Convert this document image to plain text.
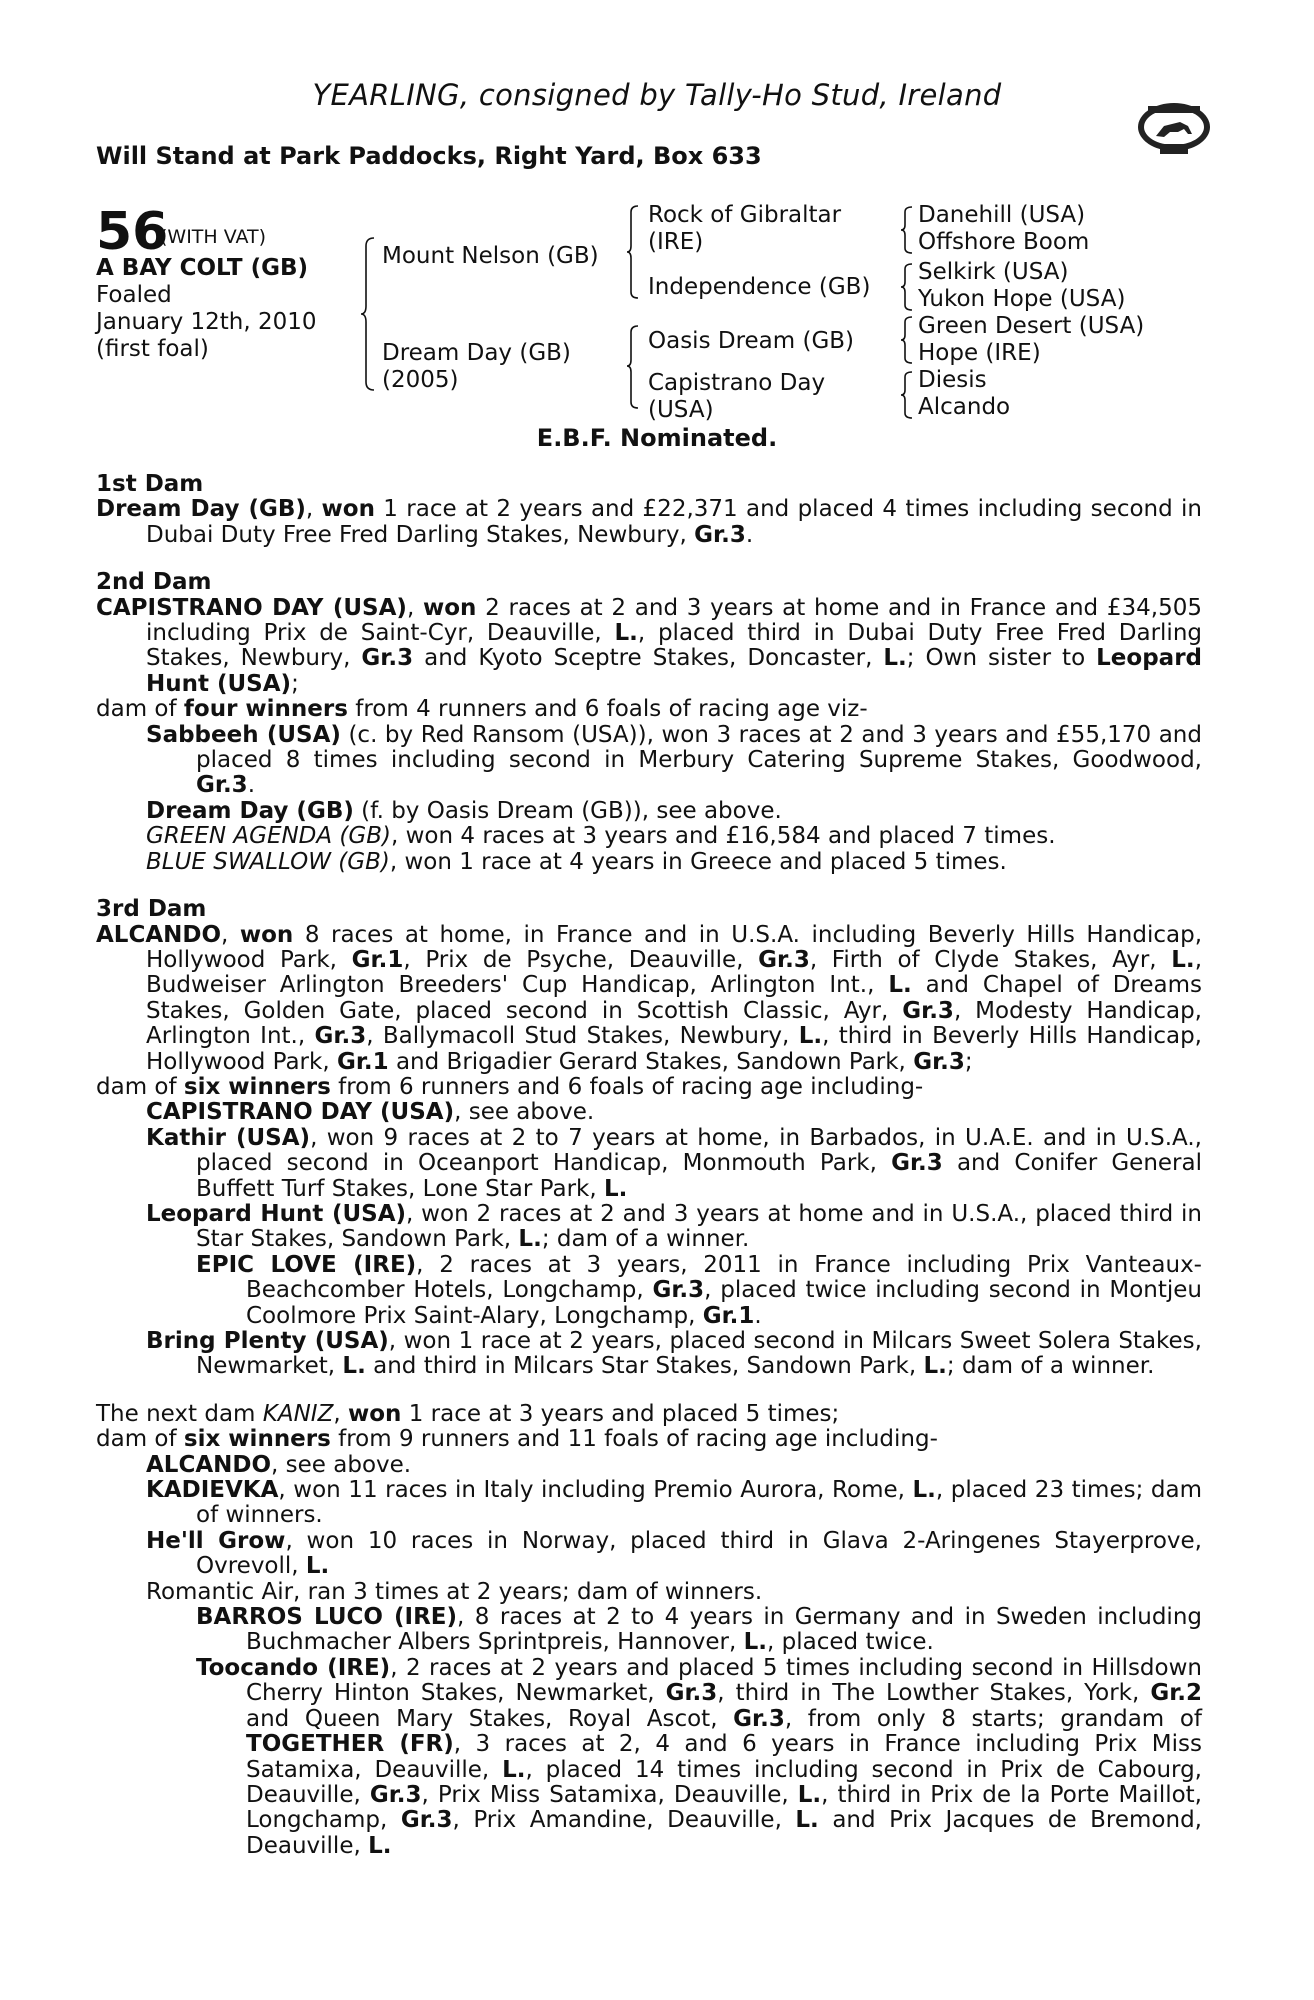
YEARLING, consigned by Tally-Ho Stud, Ireland
Will Stand at Park Paddocks, Right Yard, Box 633
56
(WITH VAT)
A BAY COLT (GB)
Foaled
January 12th, 2010
(first foal)
Mount Nelson (GB)
Dream Day (GB)
(2005)
Rock of Gibraltar
(IRE)
Independence (GB)
Oasis Dream (GB)
Capistrano Day
(USA)
Danehill (USA)
Offshore Boom
Selkirk (USA)
Yukon Hope (USA)
Green Desert (USA)
Hope (IRE)
Diesis
Alcando
E.B.F. Nominated.

1st Dam

Dream Day (GB), won 1 race at 2 years and £22,371 and placed 4 times including second in Dubai Duty Free Fred Darling Stakes, Newbury, Gr.3.

2nd Dam

CAPISTRANO DAY (USA), won 2 races at 2 and 3 years at home and in France and £34,505 including Prix de Saint-Cyr, Deauville, L., placed third in Dubai Duty Free Fred Darling Stakes, Newbury, Gr.3 and Kyoto Sceptre Stakes, Doncaster, L.; Own sister to Leopard Hunt (USA);

dam of four winners from 4 runners and 6 foals of racing age viz-

Sabbeeh (USA) (c. by Red Ransom (USA)), won 3 races at 2 and 3 years and £55,170 and placed 8 times including second in Merbury Catering Supreme Stakes, Goodwood, Gr.3.

Dream Day (GB) (f. by Oasis Dream (GB)), see above.

GREEN AGENDA (GB), won 4 races at 3 years and £16,584 and placed 7 times.

BLUE SWALLOW (GB), won 1 race at 4 years in Greece and placed 5 times.

3rd Dam

ALCANDO, won 8 races at home, in France and in U.S.A. including Beverly Hills Handicap, Hollywood Park, Gr.1, Prix de Psyche, Deauville, Gr.3, Firth of Clyde Stakes, Ayr, L., Budweiser Arlington Breeders' Cup Handicap, Arlington Int., L. and Chapel of Dreams Stakes, Golden Gate, placed second in Scottish Classic, Ayr, Gr.3, Modesty Handicap, Arlington Int., Gr.3, Ballymacoll Stud Stakes, Newbury, L., third in Beverly Hills Handicap, Hollywood Park, Gr.1 and Brigadier Gerard Stakes, Sandown Park, Gr.3;

dam of six winners from 6 runners and 6 foals of racing age including-

CAPISTRANO DAY (USA), see above.

Kathir (USA), won 9 races at 2 to 7 years at home, in Barbados, in U.A.E. and in U.S.A., placed second in Oceanport Handicap, Monmouth Park, Gr.3 and Conifer General Buffett Turf Stakes, Lone Star Park, L.

Leopard Hunt (USA), won 2 races at 2 and 3 years at home and in U.S.A., placed third in Star Stakes, Sandown Park, L.; dam of a winner.

EPIC LOVE (IRE), 2 races at 3 years, 2011 in France including Prix Vanteaux-Beachcomber Hotels, Longchamp, Gr.3, placed twice including second in Montjeu Coolmore Prix Saint-Alary, Longchamp, Gr.1.

Bring Plenty (USA), won 1 race at 2 years, placed second in Milcars Sweet Solera Stakes, Newmarket, L. and third in Milcars Star Stakes, Sandown Park, L.; dam of a winner.

The next dam KANIZ, won 1 race at 3 years and placed 5 times;

dam of six winners from 9 runners and 11 foals of racing age including-

ALCANDO, see above.

KADIEVKA, won 11 races in Italy including Premio Aurora, Rome, L., placed 23 times; dam of winners.

He'll Grow, won 10 races in Norway, placed third in Glava 2-Aringenes Stayerprove, Ovrevoll, L.

Romantic Air, ran 3 times at 2 years; dam of winners.

BARROS LUCO (IRE), 8 races at 2 to 4 years in Germany and in Sweden including Buchmacher Albers Sprintpreis, Hannover, L., placed twice.

Toocando (IRE), 2 races at 2 years and placed 5 times including second in Hillsdown Cherry Hinton Stakes, Newmarket, Gr.3, third in The Lowther Stakes, York, Gr.2 and Queen Mary Stakes, Royal Ascot, Gr.3, from only 8 starts; grandam of TOGETHER (FR), 3 races at 2, 4 and 6 years in France including Prix Miss Satamixa, Deauville, L., placed 14 times including second in Prix de Cabourg, Deauville, Gr.3, Prix Miss Satamixa, Deauville, L., third in Prix de la Porte Maillot, Longchamp, Gr.3, Prix Amandine, Deauville, L. and Prix Jacques de Bremond, Deauville, L.
